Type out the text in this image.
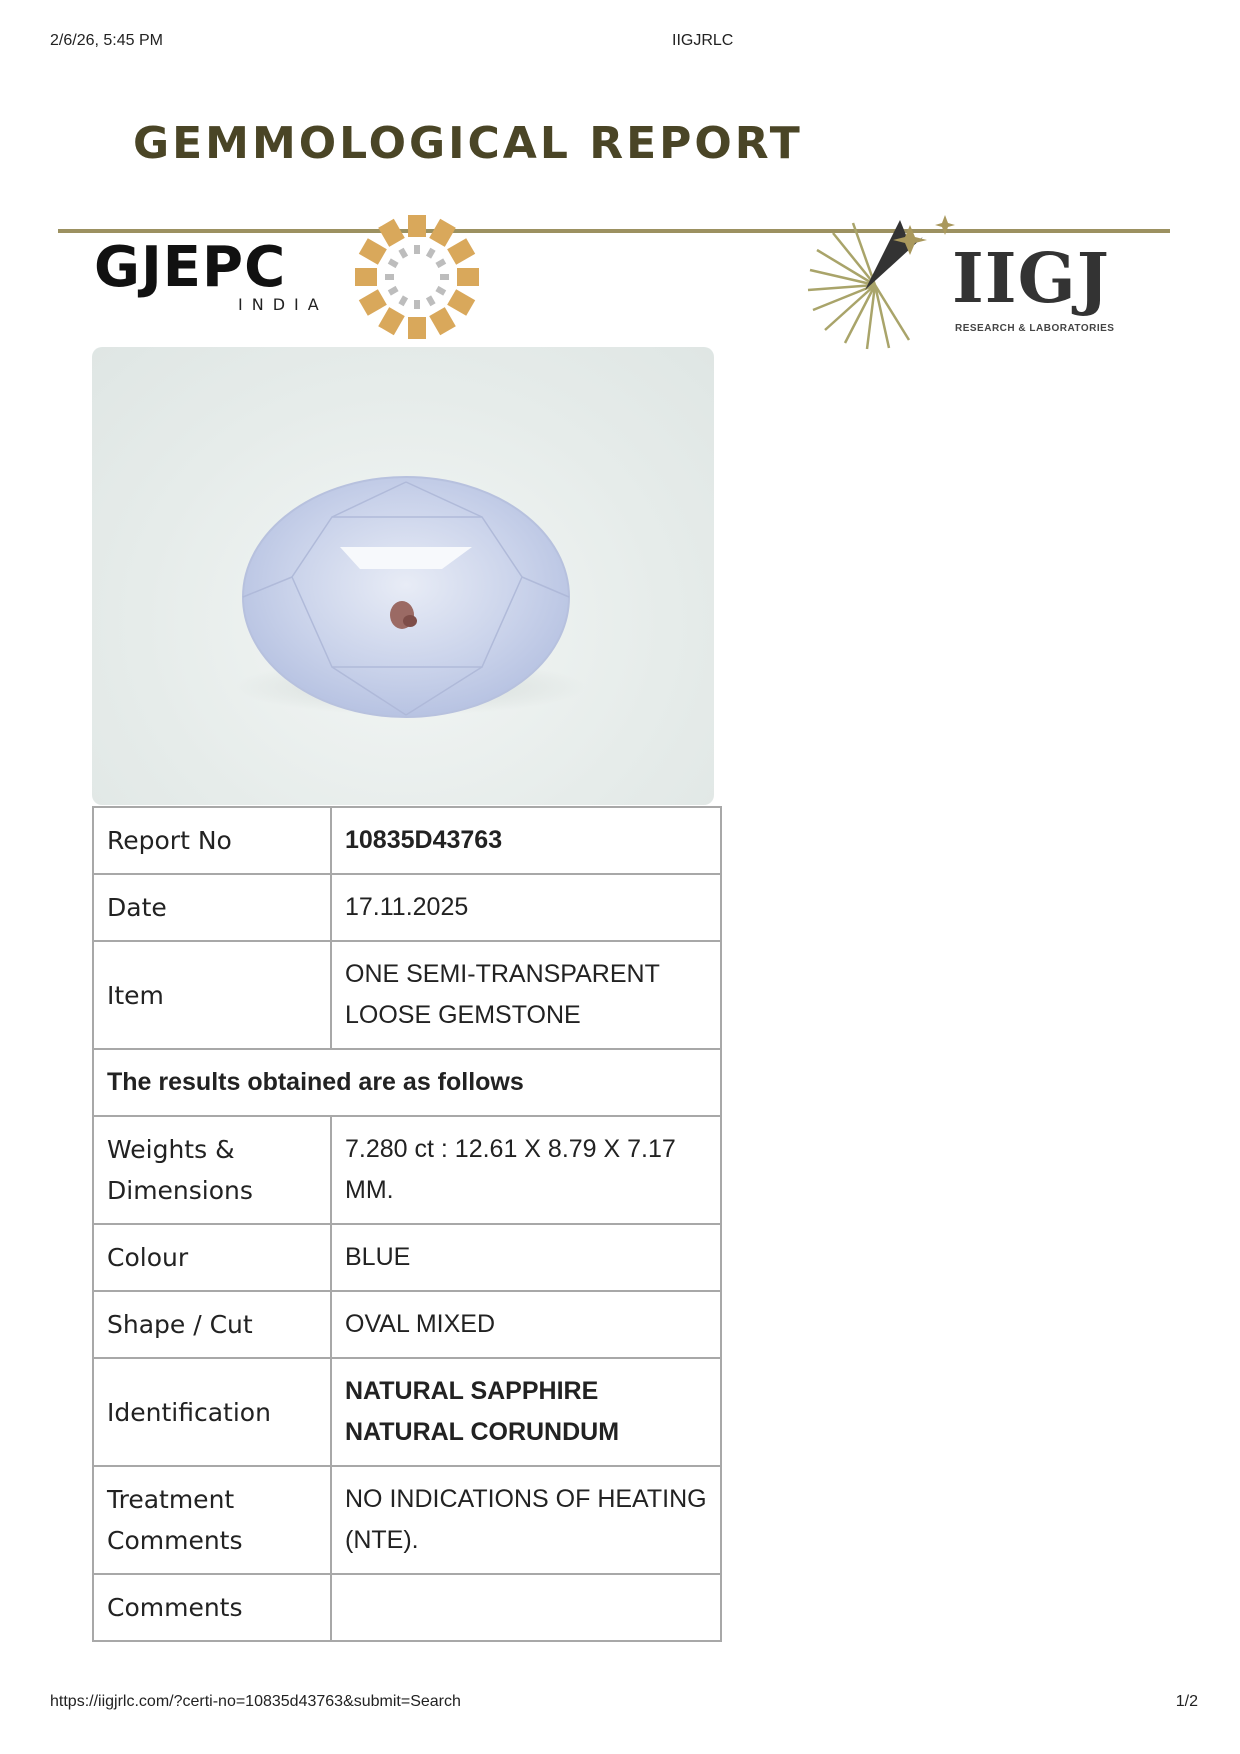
2/6/26, 5:45 PM	IIGJRLC
GEMMOLOGICAL REPORT
GJEPC
INDIA	IIGJ
RESEARCH & LABORATORIES
Report No	10835D43763
Date	17.11.2025
Item	ONE SEMI-TRANSPARENT LOOSE GEMSTONE
The results obtained are as follows	
Weights & Dimensions	7.280 ct : 12.61 X 8.79 X 7.17 MM.
Colour	BLUE
Shape / Cut	OVAL MIXED
Identification	NATURAL SAPPHIRE
NATURAL CORUNDUM

Treatment Comments	NO INDICATIONS OF HEATING (NTE).
Comments	
https://iigjrlc.com/?certi-no=10835d43763&submit=Search	1/2
